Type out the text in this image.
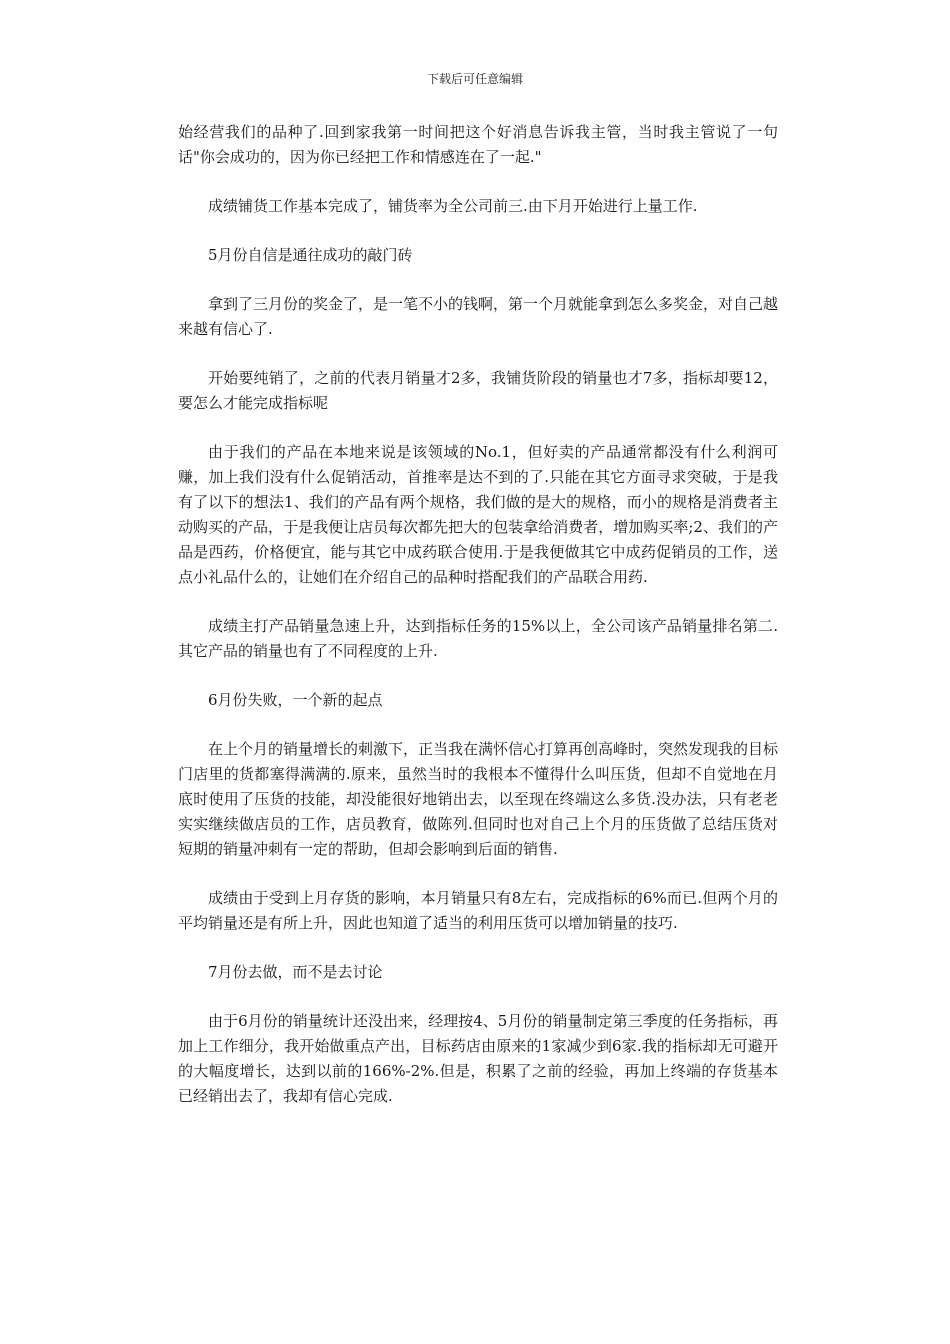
下载后可任意编辑

始经营我们的品种了.回到家我第一时间把这个好消息告诉我主管，当时我主管说了一句话"你会成功的，因为你已经把工作和情感连在了一起."

成绩铺货工作基本完成了，铺货率为全公司前三.由下月开始进行上量工作.

5月份自信是通往成功的敲门砖

拿到了三月份的奖金了，是一笔不小的钱啊，第一个月就能拿到怎么多奖金，对自己越来越有信心了.

开始要纯销了，之前的代表月销量才2多，我铺货阶段的销量也才7多，指标却要12，要怎么才能完成指标呢

由于我们的产品在本地来说是该领域的No.1，但好卖的产品通常都没有什么利润可赚，加上我们没有什么促销活动，首推率是达不到的了.只能在其它方面寻求突破，于是我有了以下的想法1、我们的产品有两个规格，我们做的是大的规格，而小的规格是消费者主动购买的产品，于是我便让店员每次都先把大的包装拿给消费者，增加购买率;2、我们的产品是西药，价格便宜，能与其它中成药联合使用.于是我便做其它中成药促销员的工作，送点小礼品什么的，让她们在介绍自己的品种时搭配我们的产品联合用药.

成绩主打产品销量急速上升，达到指标任务的15%以上，全公司该产品销量排名第二.其它产品的销量也有了不同程度的上升.

6月份失败，一个新的起点

在上个月的销量增长的刺激下，正当我在满怀信心打算再创高峰时，突然发现我的目标门店里的货都塞得满满的.原来，虽然当时的我根本不懂得什么叫压货，但却不自觉地在月底时使用了压货的技能，却没能很好地销出去，以至现在终端这么多货.没办法，只有老老实实继续做店员的工作，店员教育，做陈列.但同时也对自己上个月的压货做了总结压货对短期的销量冲刺有一定的帮助，但却会影响到后面的销售.

成绩由于受到上月存货的影响，本月销量只有8左右，完成指标的6%而已.但两个月的平均销量还是有所上升，因此也知道了适当的利用压货可以增加销量的技巧.

7月份去做，而不是去讨论

由于6月份的销量统计还没出来，经理按4、5月份的销量制定第三季度的任务指标，再加上工作细分，我开始做重点产出，目标药店由原来的1家减少到6家.我的指标却无可避开的大幅度增长，达到以前的166%-2%.但是，积累了之前的经验，再加上终端的存货基本已经销出去了，我却有信心完成.
